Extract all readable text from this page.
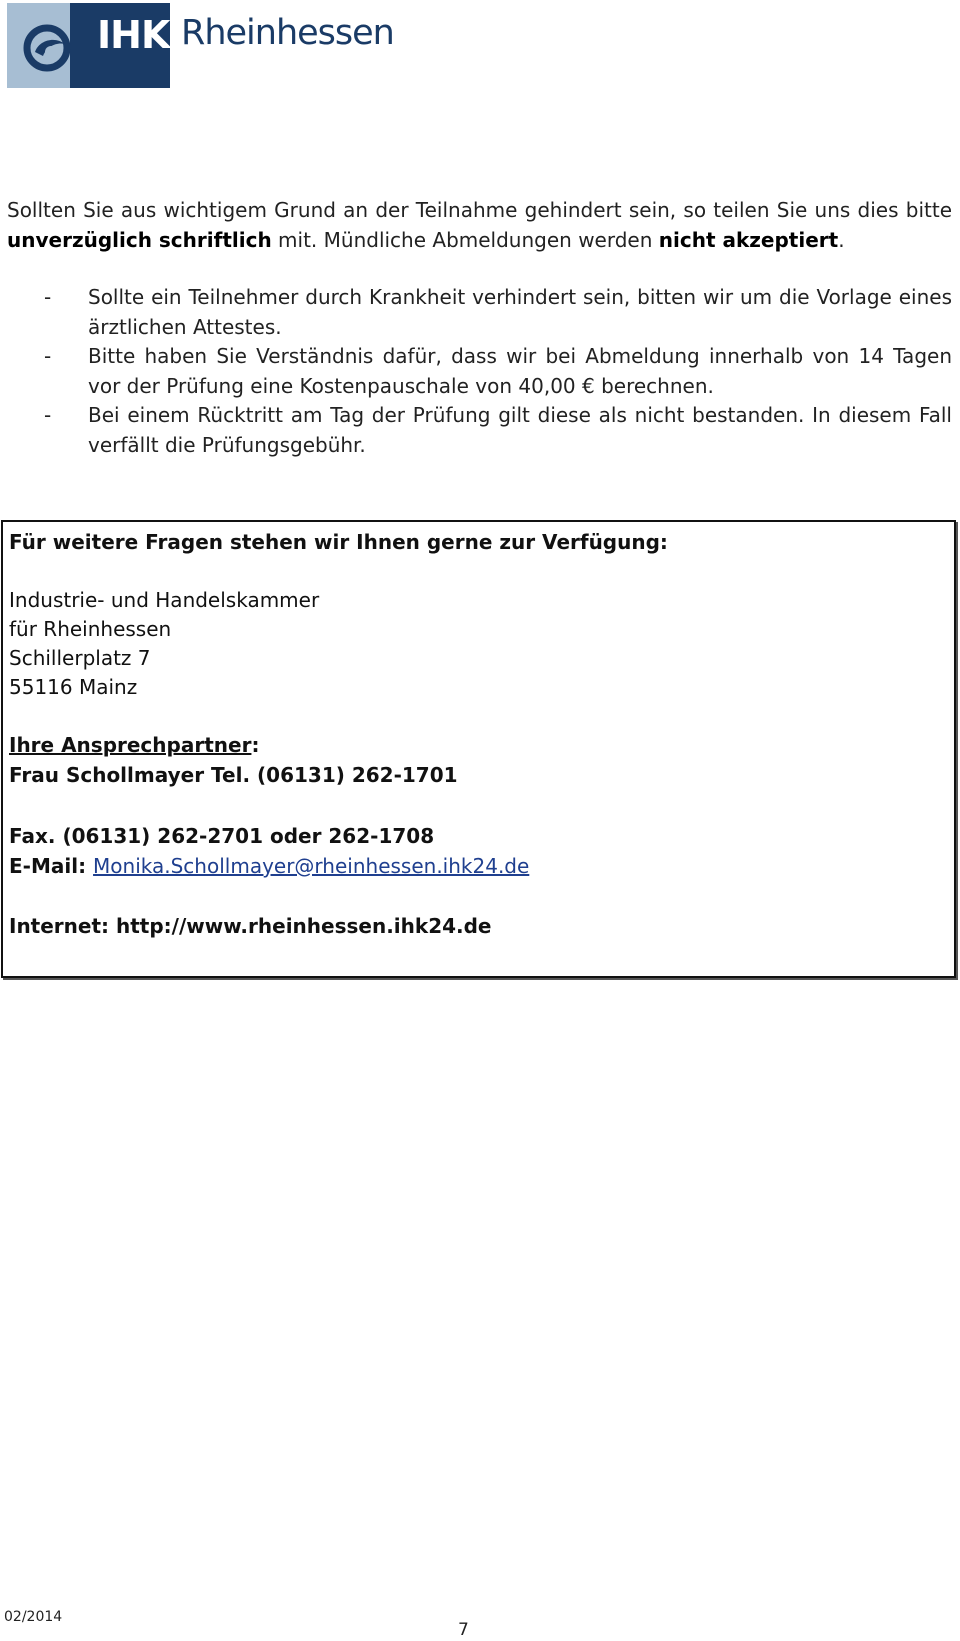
IHK Rheinhessen

Sollten Sie aus wichtigem Grund an der Teilnahme gehindert sein, so teilen Sie uns dies bitte unverzüglich schriftlich mit. Mündliche Abmeldungen werden nicht akzeptiert.

- Sollte ein Teilnehmer durch Krankheit verhindert sein, bitten wir um die Vorlage eines ärztlichen Attestes.
- Bitte haben Sie Verständnis dafür, dass wir bei Abmeldung innerhalb von 14 Tagen vor der Prüfung eine Kostenpauschale von 40,00 € berechnen.
- Bei einem Rücktritt am Tag der Prüfung gilt diese als nicht bestanden. In diesem Fall verfällt die Prüfungsgebühr.
Für weitere Fragen stehen wir Ihnen gerne zur Verfügung:
Industrie- und Handelskammer
für Rheinhessen
Schillerplatz 7
55116 Mainz
Ihre Ansprechpartner:
Frau Schollmayer Tel. (06131) 262-1701
Fax. (06131) 262-2701 oder 262-1708
E-Mail: Monika.Schollmayer@rheinhessen.ihk24.de
Internet: http://www.rheinhessen.ihk24.de
02/2014
7
